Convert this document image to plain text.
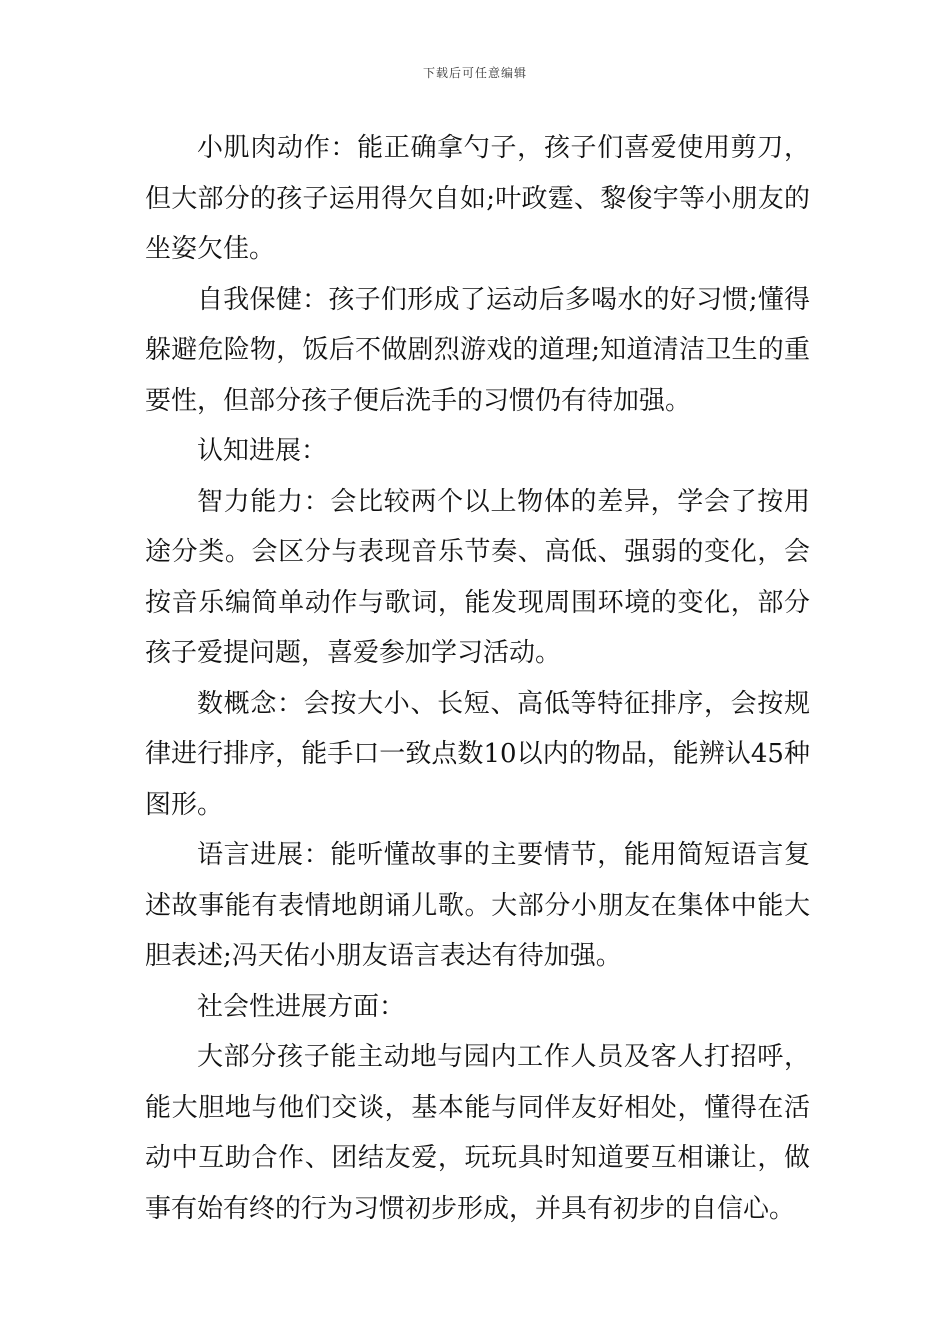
下载后可任意编辑

小肌肉动作：能正确拿勺子，孩子们喜爱使用剪刀，但大部分的孩子运用得欠自如;叶政霆、黎俊宇等小朋友的坐姿欠佳。

自我保健：孩子们形成了运动后多喝水的好习惯;懂得躲避危险物，饭后不做剧烈游戏的道理;知道清洁卫生的重要性，但部分孩子便后洗手的习惯仍有待加强。

认知进展：

智力能力：会比较两个以上物体的差异，学会了按用途分类。会区分与表现音乐节奏、高低、强弱的变化，会按音乐编简单动作与歌词，能发现周围环境的变化，部分孩子爱提问题，喜爱参加学习活动。

数概念：会按大小、长短、高低等特征排序，会按规律进行排序，能手口一致点数10以内的物品，能辨认45种图形。

语言进展：能听懂故事的主要情节，能用简短语言复述故事能有表情地朗诵儿歌。大部分小朋友在集体中能大胆表述;冯天佑小朋友语言表达有待加强。

社会性进展方面：

大部分孩子能主动地与园内工作人员及客人打招呼，能大胆地与他们交谈，基本能与同伴友好相处，懂得在活动中互助合作、团结友爱，玩玩具时知道要互相谦让，做事有始有终的行为习惯初步形成，并具有初步的自信心。
